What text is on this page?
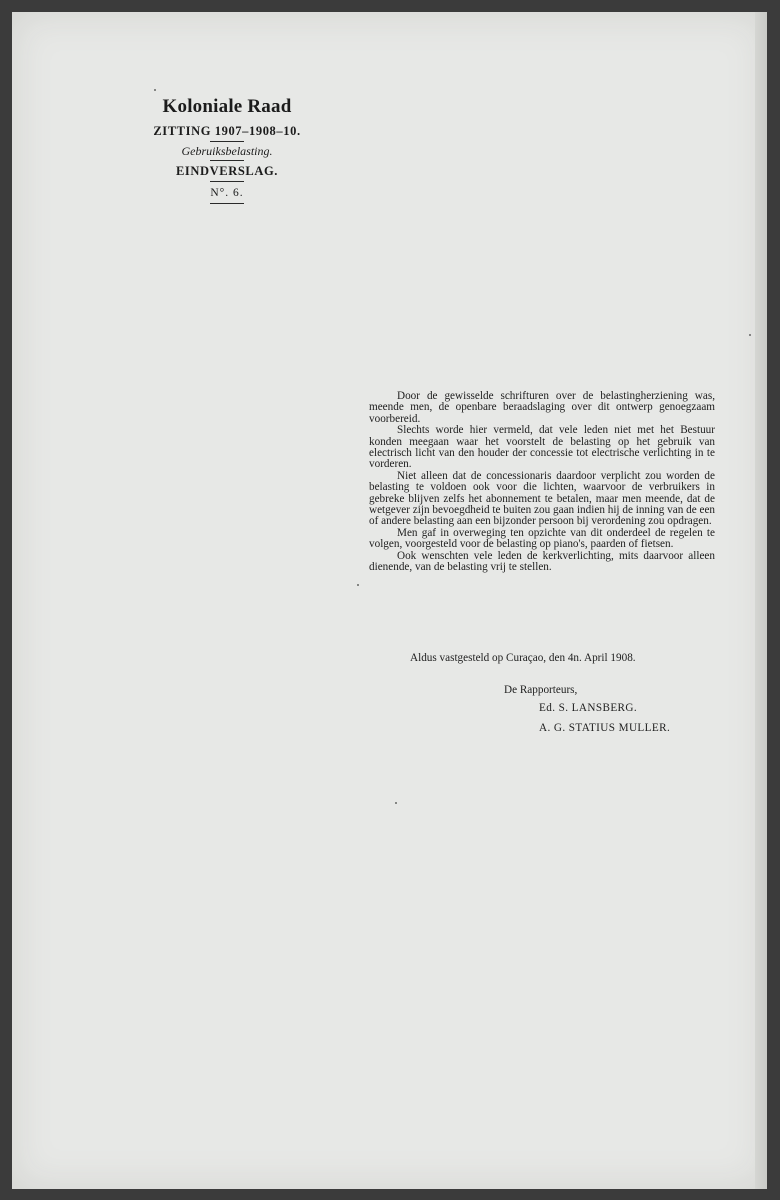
Koloniale Raad
ZITTING 1907–1908–10.
Gebruiksbelasting.
EINDVERSLAG.
N°. 6.

Door de gewisselde schrifturen over de belastingherziening was, meende men, de openbare beraadslaging over dit ontwerp genoegzaam voorbereid.

Slechts worde hier vermeld, dat vele leden niet met het Bestuur konden meegaan waar het voorstelt de belasting op het gebruik van electrisch licht van den houder der concessie tot electrische verlichting in te vorderen.

Niet alleen dat de concessionaris daardoor verplicht zou worden de belasting te voldoen ook voor die lichten, waarvoor de verbruikers in gebreke blijven zelfs het abonnement te betalen, maar men meende, dat de wetgever zijn bevoegdheid te buiten zou gaan indien hij de inning van de een of andere belasting aan een bijzonder persoon bij verordening zou opdragen.

Men gaf in overweging ten opzichte van dit onderdeel de regelen te volgen, voorgesteld voor de belasting op piano's, paarden of fietsen.

Ook wenschten vele leden de kerkverlichting, mits daarvoor alleen dienende, van de belasting vrij te stellen.

Aldus vastgesteld op Curaçao, den 4n. April 1908.
De Rapporteurs,
Ed. S. LANSBERG.
A. G. STATIUS MULLER.
